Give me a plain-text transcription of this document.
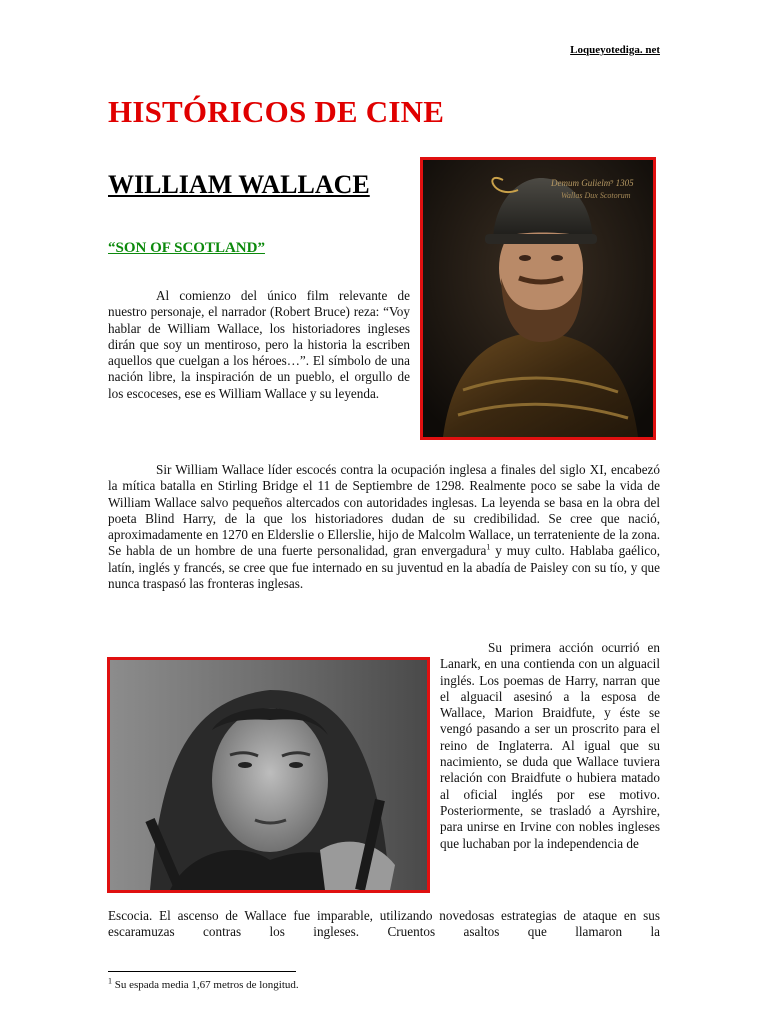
Loqueyotediga. net
HISTÓRICOS DE CINE
WILLIAM WALLACE
“SON OF SCOTLAND”

Al comienzo del único film relevante de nuestro personaje, el narrador (Robert Bruce) reza: “Voy hablar de William Wallace, los historiadores ingleses dirán que soy un mentiroso, pero la historia la escriben aquellos que cuelgan a los héroes…”. El símbolo de una nación libre, la inspiración de un pueblo, el orgullo de los escoceses, ese es William Wallace y su leyenda.

Demum Gulielm⁹ 1305
Wallas Dux Scotorum

Sir William Wallace líder escocés contra la ocupación inglesa a finales del siglo XI, encabezó la mítica batalla en Stirling Bridge el 11 de Septiembre de 1298. Realmente poco se sabe la vida de William Wallace salvo pequeños altercados con autoridades inglesas. La leyenda se basa en la obra del poeta Blind Harry, de la que los historiadores dudan de su credibilidad. Se cree que nació, aproximadamente en 1270 en Elderslie o Ellerslie, hijo de Malcolm Wallace, un terrateniente de la zona. Se habla de un hombre de una fuerte personalidad, gran envergadura$^1$ y muy culto. Hablaba gaélico, latín, inglés y francés, se cree que fue internado en su juventud en la abadía de Paisley con su tío, y que nunca traspasó las fronteras inglesas.

Su primera acción ocurrió en Lanark, en una contienda con un alguacil inglés. Los poemas de Harry, narran que el alguacil asesinó a la esposa de Wallace, Marion Braidfute, y éste se vengó pasando a ser un proscrito para el reino de Inglaterra. Al igual que su nacimiento, se duda que Wallace tuviera relación con Braidfute o hubiera matado al oficial inglés por ese motivo. Posteriormente, se trasladó a Ayrshire, para unirse en Irvine con nobles ingleses que luchaban por la independencia de

Escocia. El ascenso de Wallace fue imparable, utilizando novedosas estrategias de ataque en sus escaramuzas contras los ingleses. Cruentos asaltos que llamaron la

$^1$ Su espada media 1,67 metros de longitud.
